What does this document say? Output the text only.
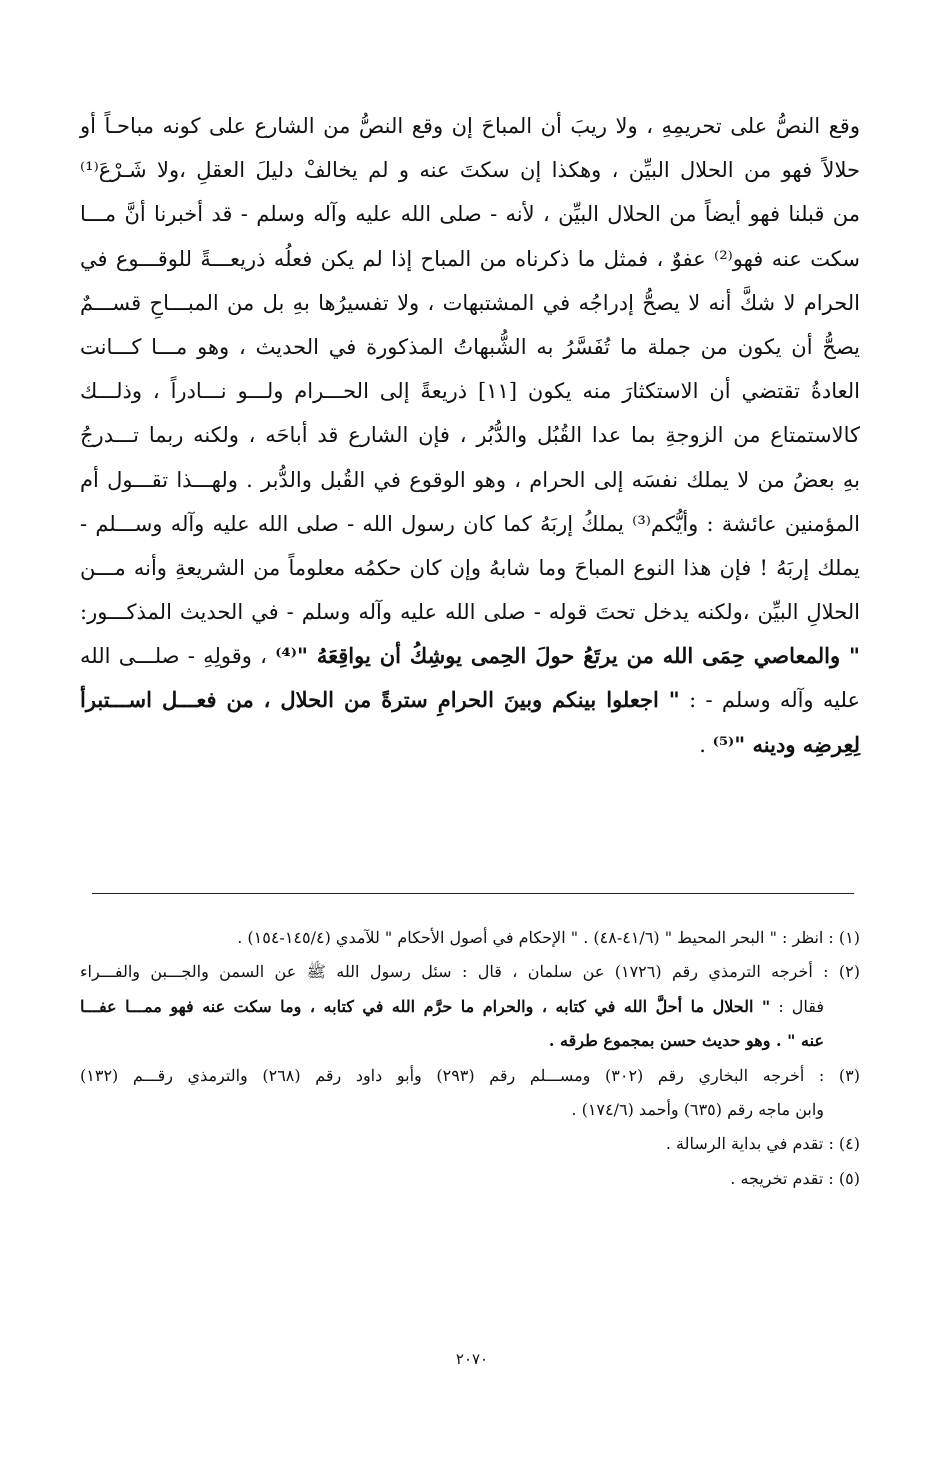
وقع النصُّ على تحريمِهِ ، ولا ريبَ أن المباحَ إن وقع النصُّ من الشارع على كونه مباحـاً أو
حلالاً فهو من الحلال البيِّن ، وهكذا إن سكتَ عنه و لم يخالفْ دليلَ العقلِ ،ولا شَـرْعَ⁽¹⁾
من قبلنا فهو أيضاً من الحلال البيِّن ، لأنه - صلى الله عليه وآله وسلم - قد أخبرنا أنَّ مـــا
سكت عنه فهو⁽²⁾ عفوٌ ، فمثل ما ذكرناه من المباح إذا لم يكن فعلُه ذريعـــةً للوقـــوع في
الحرام لا شكَّ أنه لا يصحُّ إدراجُه في المشتبهات ، ولا تفسيرُها بهِ بل من المبـــاحِ قســـمٌ
يصحُّ أن يكون من جملة ما تُفَسَّرُ به الشُّبهاتُ المذكورة في الحديث ، وهو مـــا كـــانت
العادةُ تقتضي أن الاستكثارَ منه يكون [١١] ذريعةً إلى الحـــرام ولـــو نـــادراً ، وذلـــك
كالاستمتاع من الزوجةِ بما عدا القُبُل والدُّبُر ، فإن الشارع قد أباحَه ، ولكنه ربما تـــدرجُ
بهِ بعضُ من لا يملك نفسَه إلى الحرام ، وهو الوقوع في القُبل والدُّبر . ولهـــذا تقـــول أم
المؤمنين عائشة : وأيُّكم⁽³⁾ يملكُ إربَهُ كما كان رسول الله - صلى الله عليه وآله وســـلم -
يملك إربَهُ ! فإن هذا النوع المباحَ وما شابهُ وإن كان حكمُه معلوماً من الشريعةِ وأنه مـــن
الحلالِ البيِّن ،ولكنه يدخل تحتَ قوله - صلى الله عليه وآله وسلم - في الحديث المذكـــور:
" والمعاصي حِمَى الله من يرتَعُ حولَ الحِمى يوشِكُ أن يواقِعَهُ "⁽⁴⁾ ، وقولِهِ - صلـــى الله
عليه وآله وسلم - : " اجعلوا بينكم وبينَ الحرامِ سترةً من الحلال ، من فعـــل اســـتبرأ
لِعِرضِه ودينه "⁽⁵⁾ .
(١) : انظر : " البحر المحيط " (٤١/٦-٤٨) . " الإحكام في أصول الأحكام " للآمدي (١٤٥/٤-١٥٤) .
(٢) : أخرجه الترمذي رقم (١٧٢٦) عن سلمان ، قال : سئل رسول الله ﷺ عن السمن والجـــبن والفـــراء
فقال : " الحلال ما أحلَّ الله في كتابه ، والحرام ما حرَّم الله في كتابه ، وما سكت عنه فهو ممـــا عفـــا
عنه " . وهو حديث حسن بمجموع طرقه .
(٣) : أخرجه البخاري رقم (٣٠٢) ومســـلم رقم (٢٩٣) وأبو داود رقم (٢٦٨) والترمذي رقـــم (١٣٢)
وابن ماجه رقم (٦٣٥) وأحمد (١٧٤/٦) .
(٤) : تقدم في بداية الرسالة .
(٥) : تقدم تخريجه .
٢٠٧٠
